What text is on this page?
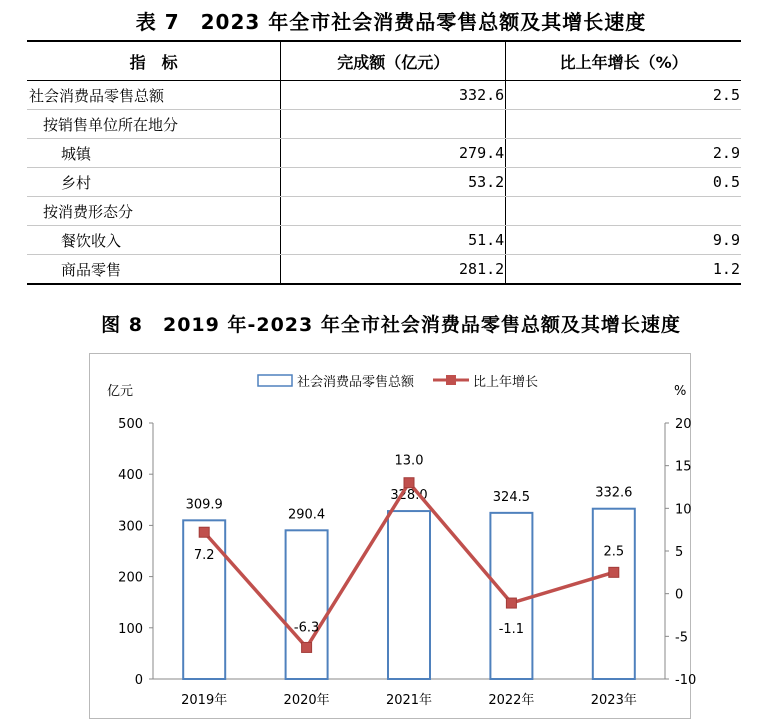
表 7　2023 年全市社会消费品零售总额及其增长速度
指　标	完成额（亿元）	比上年增长（%）
社会消费品零售总额	332.6	2.5
按销售单位所在地分		
城镇	279.4	2.9
乡村	53.2	0.5
按消费形态分		
餐饮收入	51.4	9.9
商品零售	281.2	1.2
图 8　2019 年-2023 年全市社会消费品零售总额及其增长速度
0
100
200
300
400
500
-10
-5
0
5
10
15
20
亿元	%
2019年	2020年	2021年	2022年	2023年
309.9
290.4
328.0	324.5	332.6
7.2
-6.3
13.0
-1.1
2.5
社会消费品零售总额	比上年增长
